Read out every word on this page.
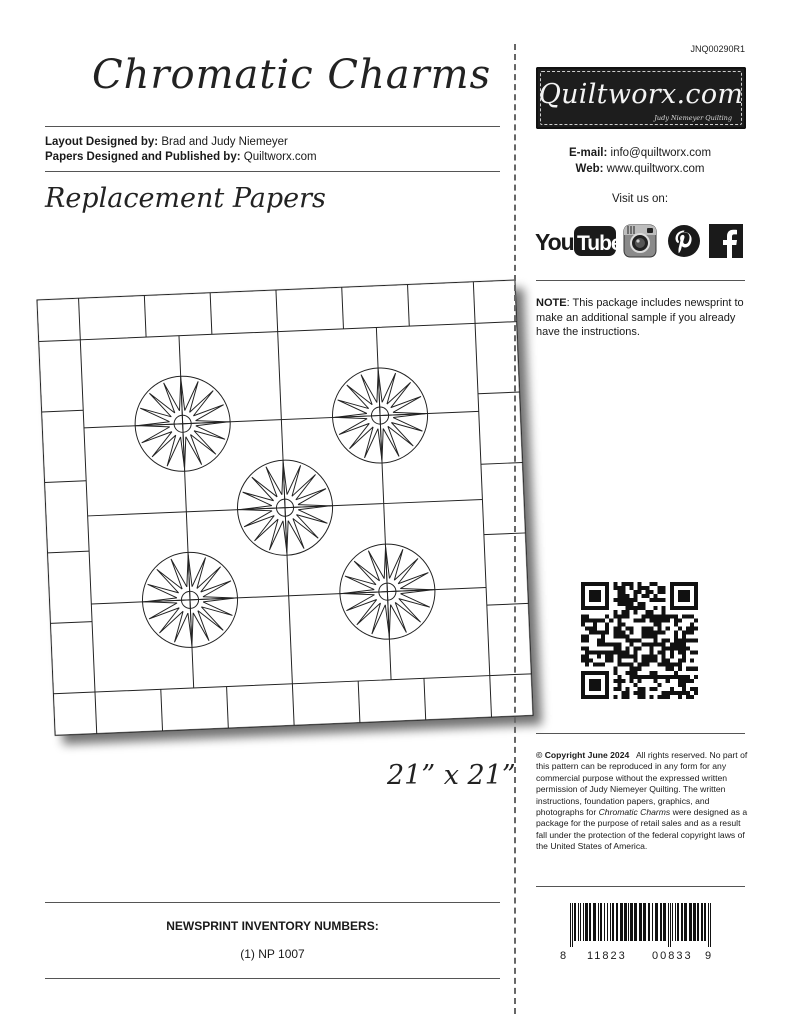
Chromatic Charms
Layout Designed by: Brad and Judy Niemeyer
Papers Designed and Published by: Quiltworx.com
Replacement Papers
21” x 21”
NEWSPRINT INVENTORY NUMBERS:
(1) NP 1007
JNQ00290R1
Quiltworx.com
Judy Niemeyer Quilting
E-mail: info@quiltworx.com
Web: www.quiltworx.com
Visit us on:
You Tube
NOTE: This package includes newsprint to make an additional sample if you already have the instructions.
© Copyright June 2024 All rights reserved. No part of this pattern can be reproduced in any form for any commercial purpose without the expressed written permission of Judy Niemeyer Quilting. The written instructions, foundation papers, graphics, and photographs for Chromatic Charms were designed as a package for the purpose of retail sales and as a result fall under the protection of the federal copyright laws of the United States of America.
8 11823 00833 9
